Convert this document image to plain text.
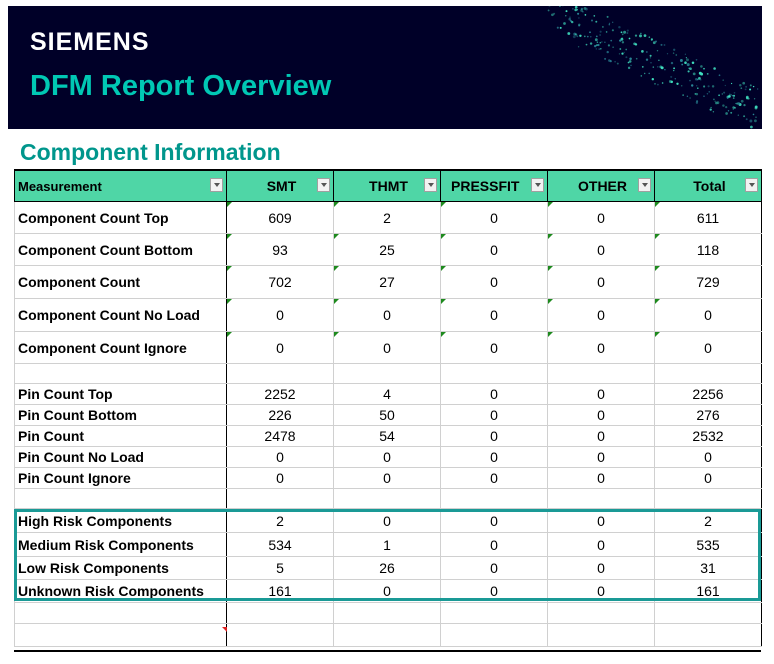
SIEMENS
DFM Report Overview
Component Information
Measurement	SMT	THMT	PRESSFIT	OTHER	Total

Component Count Top	609	2	0	0	611
Component Count Bottom	93	25	0	0	118
Component Count	702	27	0	0	729
Component Count No Load	0	0	0	0	0
Component Count Ignore	0	0	0	0	0

Pin Count Top	2252	4	0	0	2256
Pin Count Bottom	226	50	0	0	276
Pin Count	2478	54	0	0	2532
Pin Count No Load	0	0	0	0	0
Pin Count Ignore	0	0	0	0	0

High Risk Components	2	0	0	0	2
Medium Risk Components	534	1	0	0	535
Low Risk Components	5	26	0	0	31
Unknown Risk Components	161	0	0	0	161
